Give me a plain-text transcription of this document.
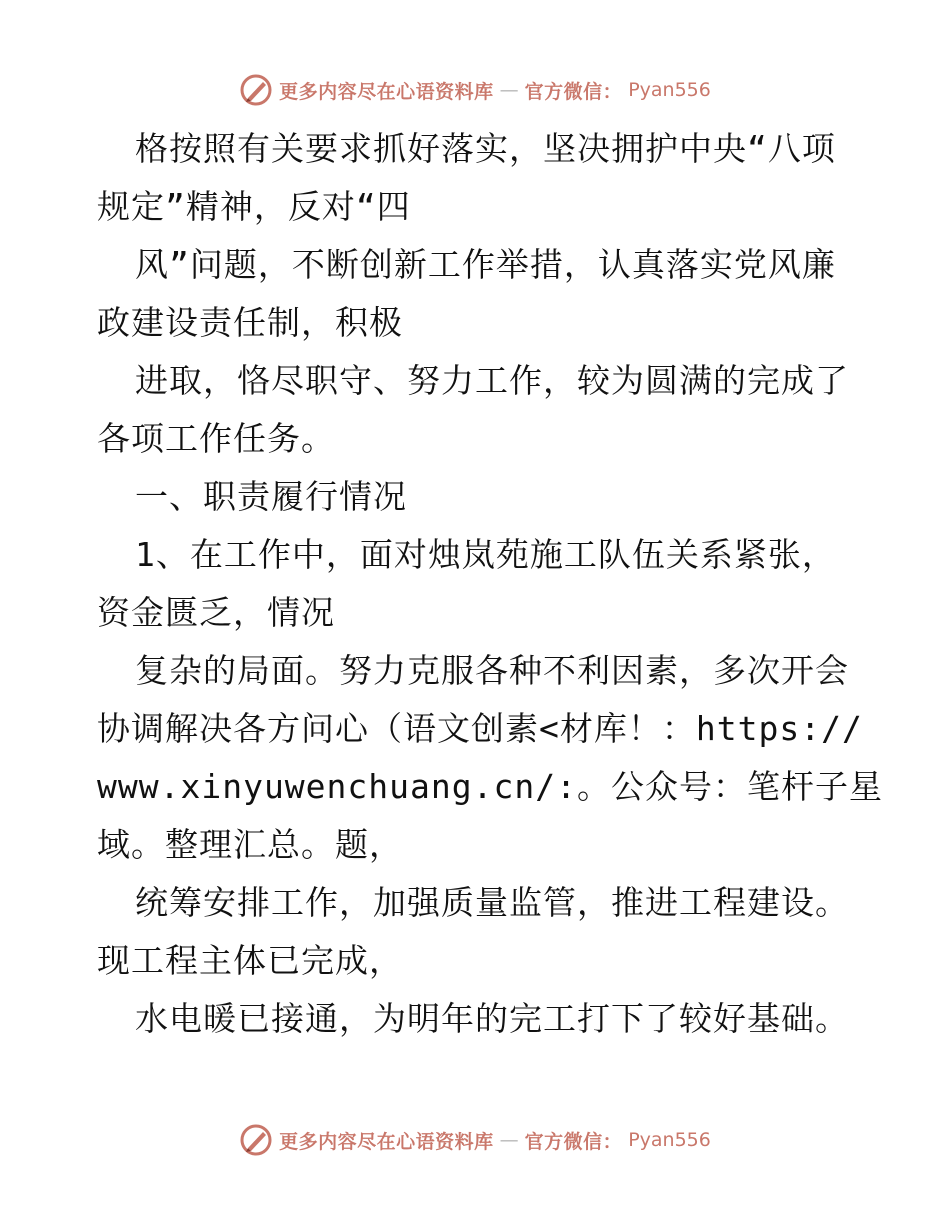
更多内容尽在心语资料库 — 官方微信： Pyan556
格按照有关要求抓好落实，坚决拥护中央“八项
规定”精神，反对“四
风”问题，不断创新工作举措，认真落实党风廉
政建设责任制，积极
进取，恪尽职守、努力工作，较为圆满的完成了
各项工作任务。
一、职责履行情况
1、在工作中，面对烛岚苑施工队伍关系紧张，
资金匮乏，情况
复杂的局面。努力克服各种不利因素，多次开会
协调解决各方问心（语文创素<材库！：https://
www.xinyuwenchuang.cn/:。公众号：笔杆子星
域。整理汇总。题，
统筹安排工作，加强质量监管，推进工程建设。
现工程主体已完成，
水电暖已接通，为明年的完工打下了较好基础。
更多内容尽在心语资料库 — 官方微信： Pyan556
